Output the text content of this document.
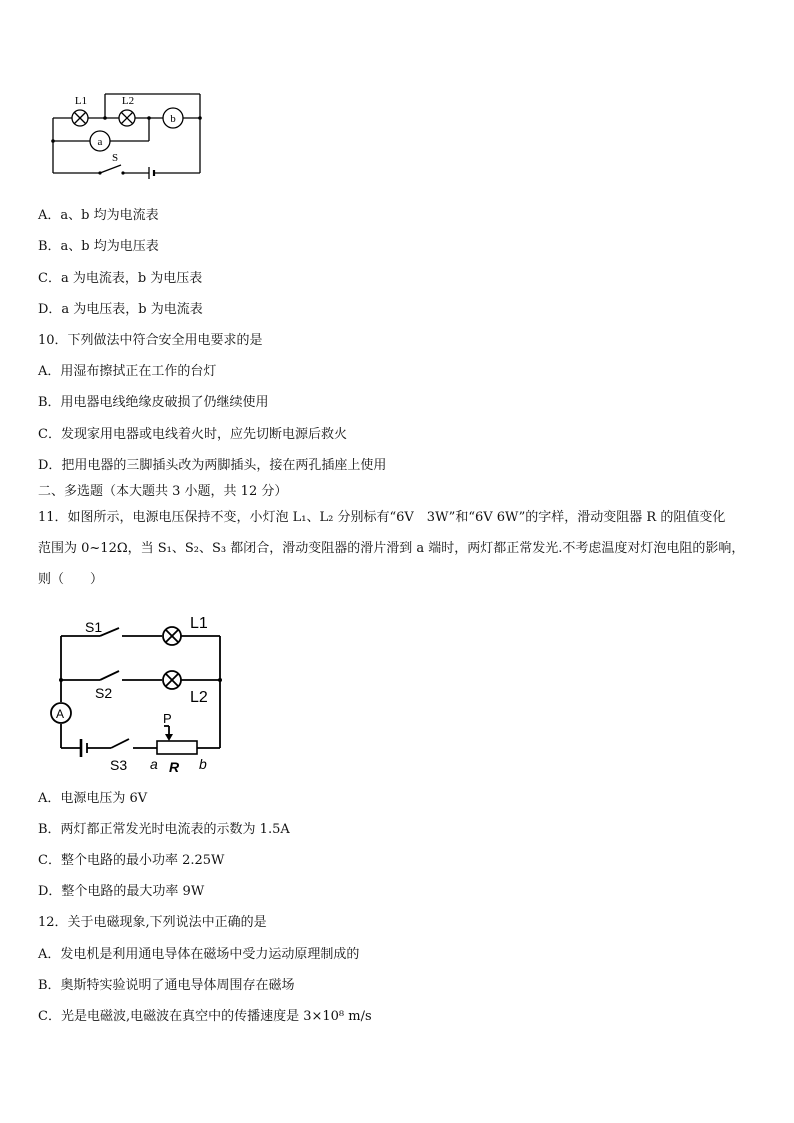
L1	L2
a
b
S
A．a、b 均为电流表
B．a、b 均为电压表
C．a 为电流表，b 为电压表
D．a 为电压表，b 为电流表
10．下列做法中符合安全用电要求的是
A．用湿布擦拭正在工作的台灯
B．用电器电线绝缘皮破损了仍继续使用
C．发现家用电器或电线着火时，应先切断电源后救火
D．把用电器的三脚插头改为两脚插头，接在两孔插座上使用
二、多选题（本大题共 3 小题，共 12 分）
11．如图所示，电源电压保持不变，小灯泡 L₁、L₂ 分别标有“6V　3W”和“6V 6W”的字样，滑动变阻器 R 的阻值变化
范围为 0~12Ω，当 S₁、S₂、S₃ 都闭合，滑动变阻器的滑片滑到 a 端时，两灯都正常发光.不考虑温度对灯泡电阻的影响，
则（　　）
S1	L1
S2	L2
A	P
S3 a R b
A．电源电压为 6V
B．两灯都正常发光时电流表的示数为 1.5A
C．整个电路的最小功率 2.25W
D．整个电路的最大功率 9W
12．关于电磁现象,下列说法中正确的是
A．发电机是利用通电导体在磁场中受力运动原理制成的
B．奥斯特实验说明了通电导体周围存在磁场
C．光是电磁波,电磁波在真空中的传播速度是 3×10⁸ m/s
